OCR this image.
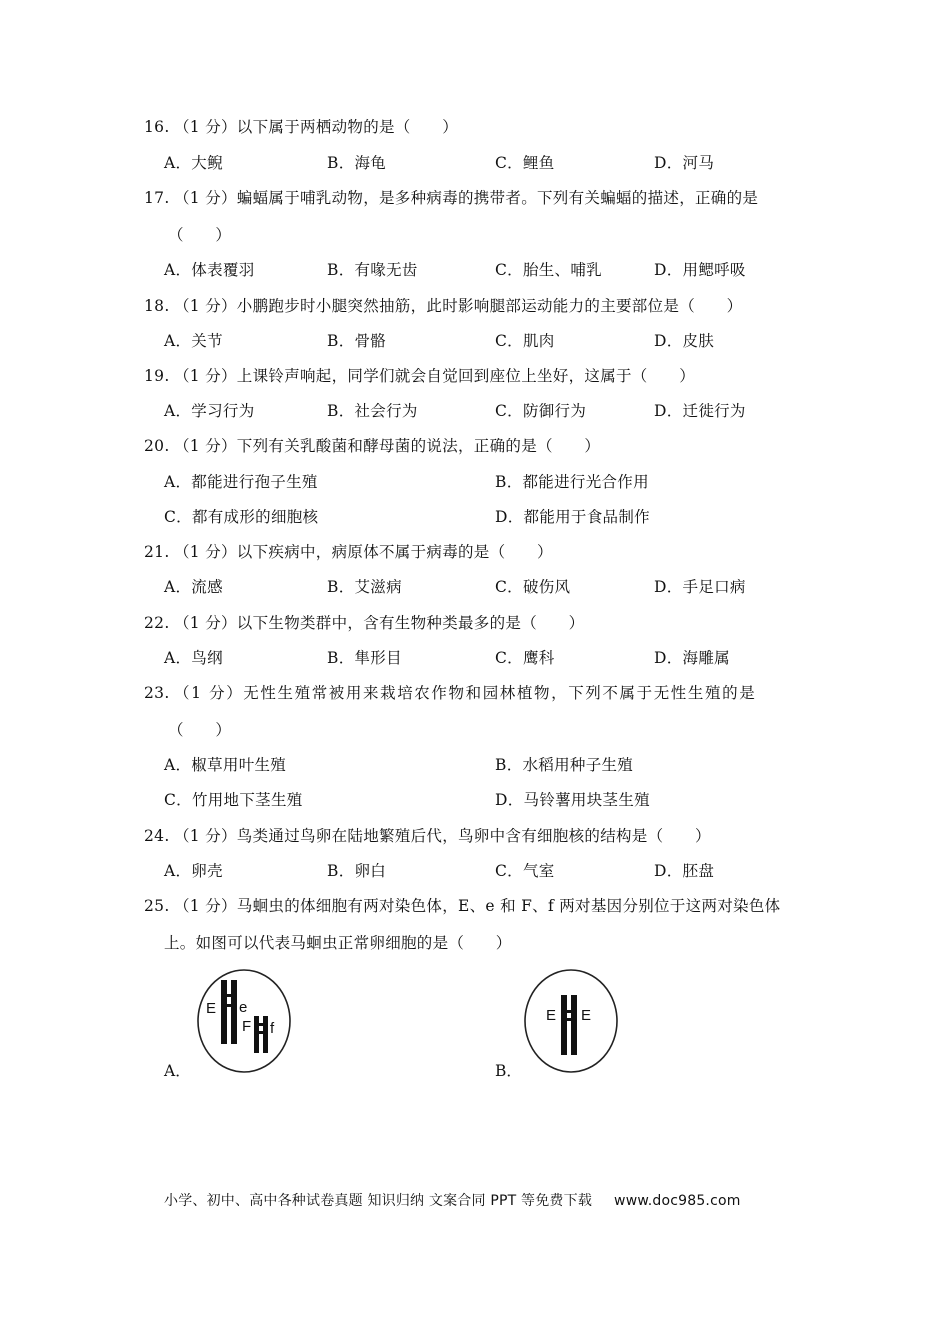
16. （1 分）以下属于两栖动物的是（　　）
A．大鲵	B．海龟	C．鲤鱼	D．河马
17. （1 分）蝙蝠属于哺乳动物，是多种病毒的携带者。下列有关蝙蝠的描述，正确的是
（　　）
A．体表覆羽	B．有喙无齿	C．胎生、哺乳	D．用鳃呼吸
18. （1 分）小鹏跑步时小腿突然抽筋，此时影响腿部运动能力的主要部位是（　　）
A．关节	B．骨骼	C．肌肉	D．皮肤
19. （1 分）上课铃声响起，同学们就会自觉回到座位上坐好，这属于（　　）
A．学习行为	B．社会行为	C．防御行为	D．迁徙行为
20. （1 分）下列有关乳酸菌和酵母菌的说法，正确的是（　　）
A．都能进行孢子生殖	B．都能进行光合作用
C．都有成形的细胞核	D．都能用于食品制作
21. （1 分）以下疾病中，病原体不属于病毒的是（　　）
A．流感	B．艾滋病	C．破伤风	D．手足口病
22. （1 分）以下生物类群中，含有生物种类最多的是（　　）
A．鸟纲	B．隼形目	C．鹰科	D．海雕属
23. （1 分）无性生殖常被用来栽培农作物和园林植物，下列不属于无性生殖的是
（　　）
A．椒草用叶生殖	B．水稻用种子生殖
C．竹用地下茎生殖	D．马铃薯用块茎生殖
24. （1 分）鸟类通过鸟卵在陆地繁殖后代，鸟卵中含有细胞核的结构是（　　）
A．卵壳	B．卵白	C．气室	D．胚盘
25. （1 分）马蛔虫的体细胞有两对染色体，E、e 和 F、f 两对基因分别位于这两对染色体
上。如图可以代表马蛔虫正常卵细胞的是（　　）
E e
F f
A．
E E
B．
小学、初中、高中各种试卷真题 知识归纳 文案合同 PPT 等免费下载 www.doc985.com
